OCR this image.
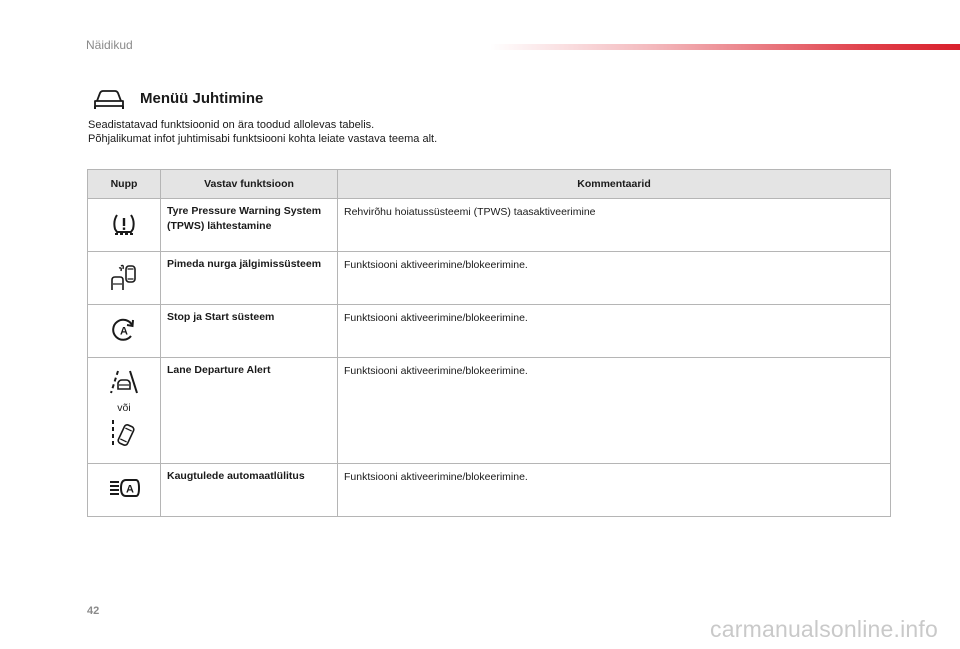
Näidikud
Menüü Juhtimine
Seadistatavad funktsioonid on ära toodud allolevas tabelis.
Põhjalikumat infot juhtimisabi funktsiooni kohta leiate vastava teema alt.
Nupp	Vastav funktsioon	Kommentaarid
	Tyre Pressure Warning System (TPWS) lähtestamine	Rehvirõhu hoiatussüsteemi (TPWS) taasaktiveerimine
	Pimeda nurga jälgimissüsteem	Funktsiooni aktiveerimine/blokeerimine.

A	Stop ja Start süsteem	Funktsiooni aktiveerimine/blokeerimine.

või	Lane Departure Alert	Funktsiooni aktiveerimine/blokeerimine.

A	Kaugtulede automaatlülitus	Funktsiooni aktiveerimine/blokeerimine.
42
carmanualsonline.info
